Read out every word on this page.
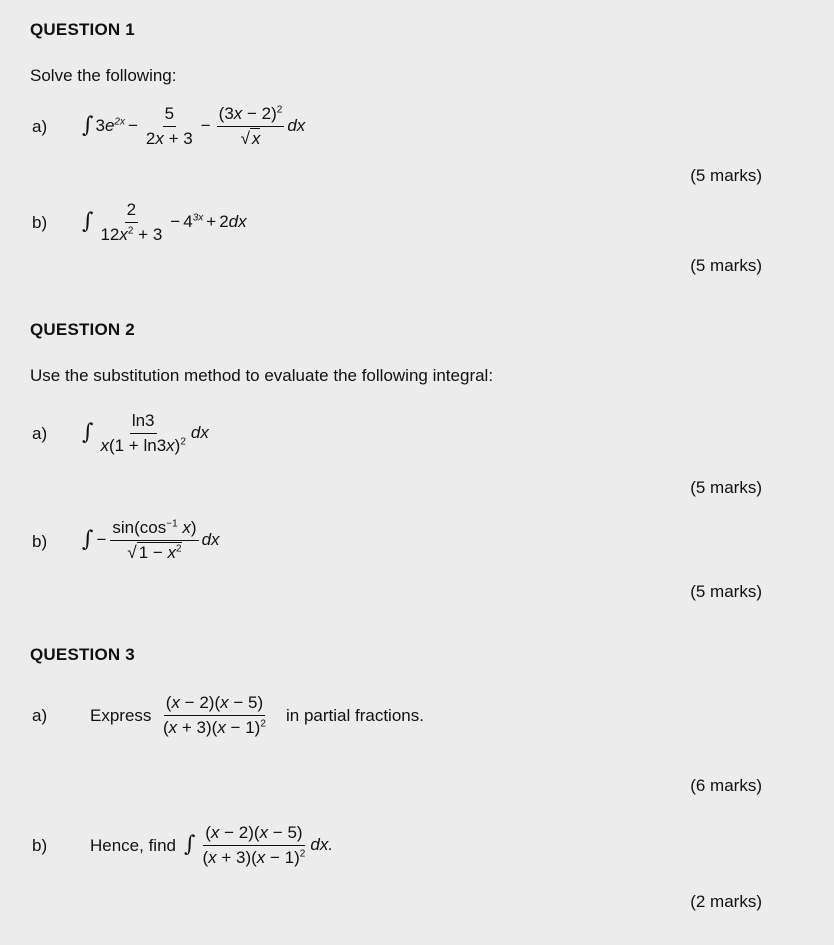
QUESTION 1
Solve the following:
a) ∫ $3e^{2x} - \frac{5}{2x + 3} - \frac{(3x - 2)^2}{√ x}$ dx
(5 marks)
b) ∫ $\frac{2}{12x^2 + 3} - 4^{3x} + 2dx$
(5 marks)
QUESTION 2
Use the substitution method to evaluate the following integral:
a) ∫ $\frac{\ln 3}{x(1 + \ln 3x)^2}$ dx
(5 marks)
b) ∫ − $\frac{\sin(\cos^{-1} x)}{√ 1 - x^2}$ dx
(5 marks)
QUESTION 3
a)	Express $\frac{(x - 2)(x - 5)}{(x + 3)(x - 1)^2}$ in partial fractions.
(6 marks)
b)	Hence, find ∫ $\frac{(x - 2)(x - 5)}{(x + 3)(x - 1)^2}$ dx.
(2 marks)
